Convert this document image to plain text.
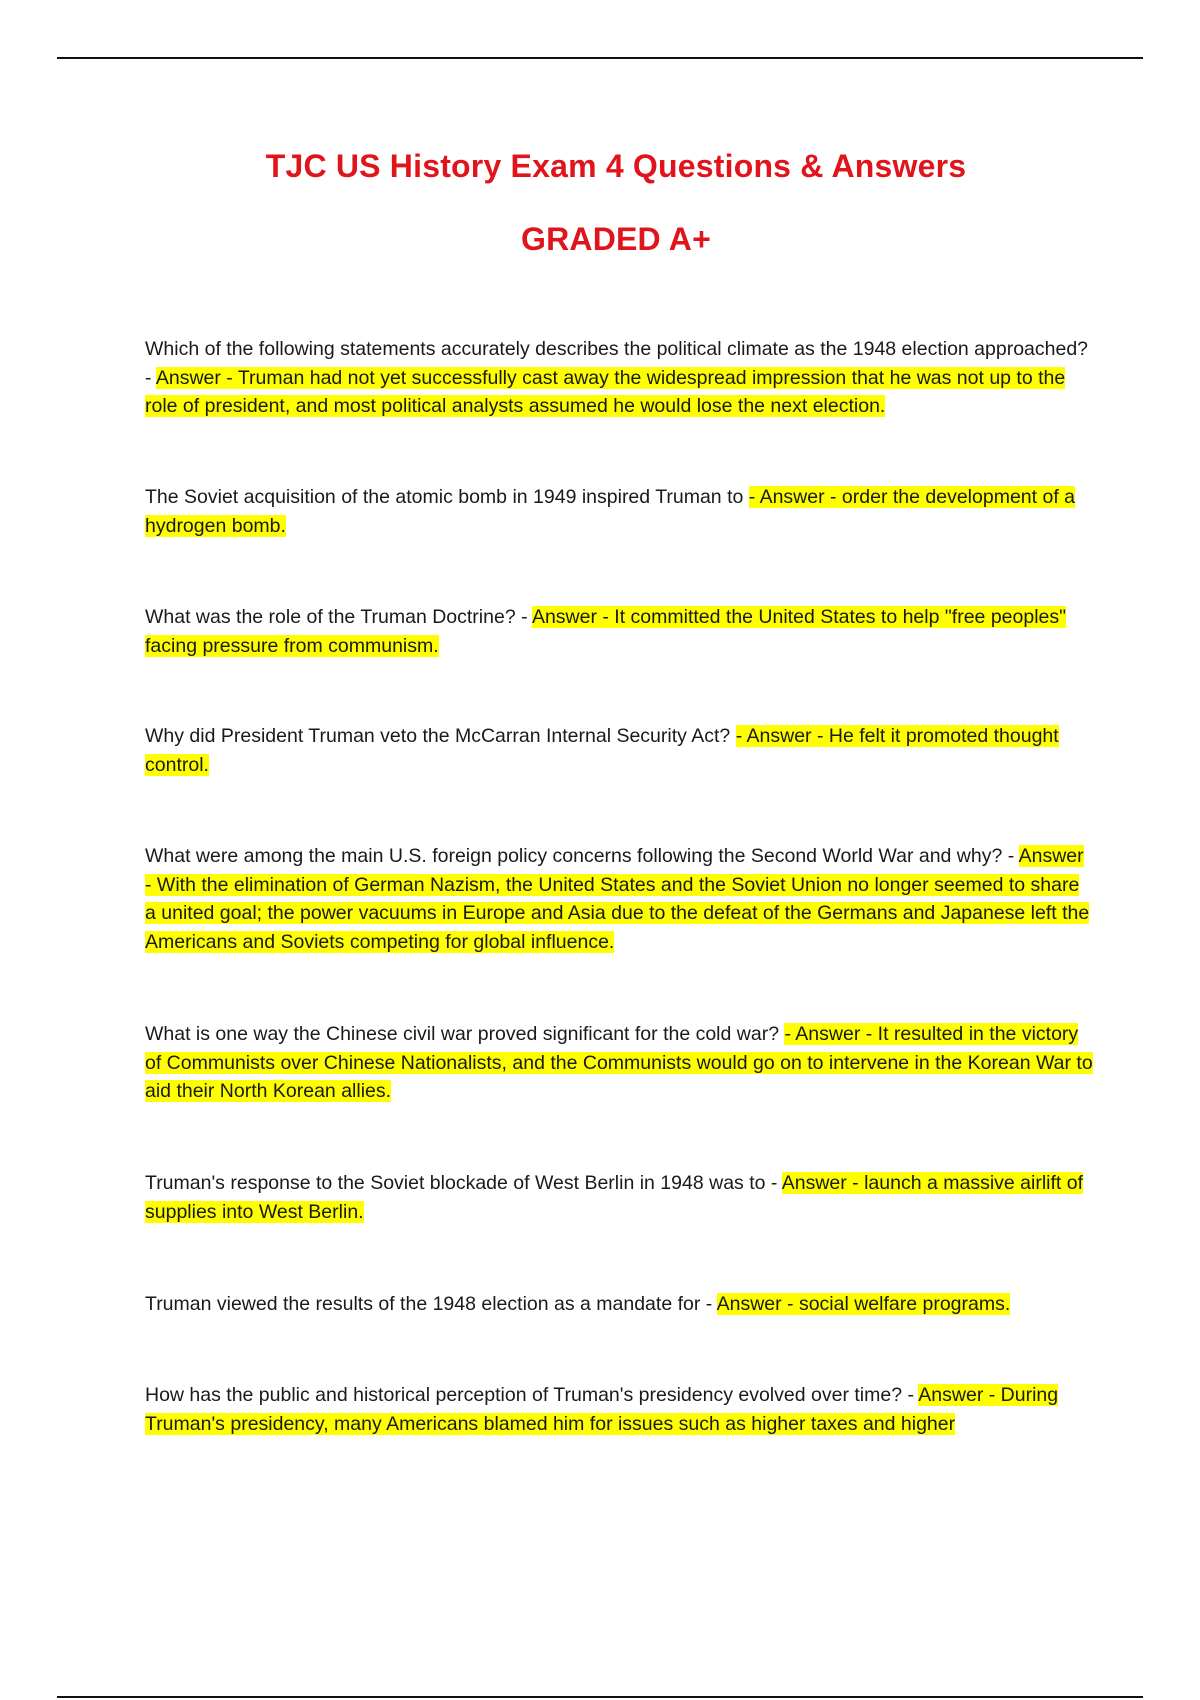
TJC US History Exam 4 Questions & Answers
GRADED A+

Which of the following statements accurately describes the political climate as the 1948 election approached? - Answer - Truman had not yet successfully cast away the widespread impression that he was not up to the role of president, and most political analysts assumed he would lose the next election.

The Soviet acquisition of the atomic bomb in 1949 inspired Truman to - Answer - order the development of a hydrogen bomb.

What was the role of the Truman Doctrine? - Answer - It committed the United States to help "free peoples" facing pressure from communism.

Why did President Truman veto the McCarran Internal Security Act? - Answer - He felt it promoted thought control.

What were among the main U.S. foreign policy concerns following the Second World War and why? - Answer - With the elimination of German Nazism, the United States and the Soviet Union no longer seemed to share a united goal; the power vacuums in Europe and Asia due to the defeat of the Germans and Japanese left the Americans and Soviets competing for global influence.

What is one way the Chinese civil war proved significant for the cold war? - Answer - It resulted in the victory of Communists over Chinese Nationalists, and the Communists would go on to intervene in the Korean War to aid their North Korean allies.

Truman's response to the Soviet blockade of West Berlin in 1948 was to - Answer - launch a massive airlift of supplies into West Berlin.

Truman viewed the results of the 1948 election as a mandate for - Answer - social welfare programs.

How has the public and historical perception of Truman's presidency evolved over time? - Answer - During Truman's presidency, many Americans blamed him for issues such as higher taxes and higher
